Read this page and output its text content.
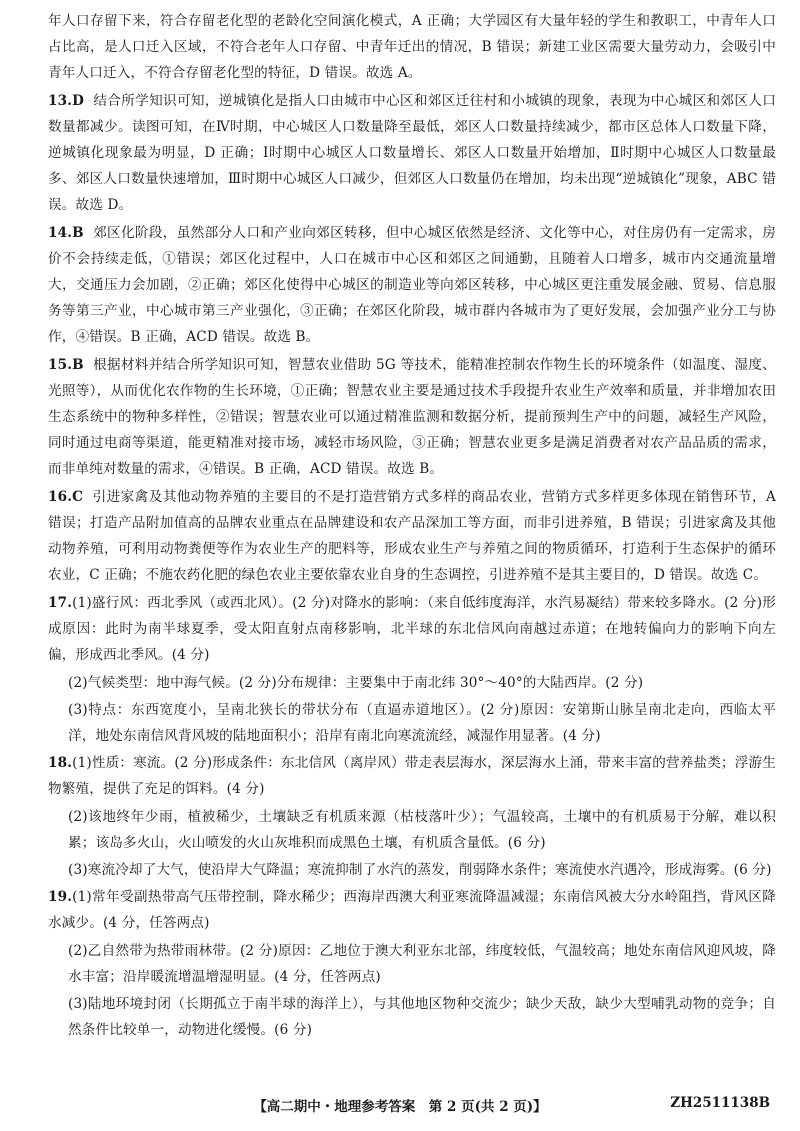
年人口存留下来，符合存留老化型的老龄化空间演化模式，A 正确；大学园区有大量年轻的学生和教职工，中青年人口占比高，是人口迁入区域，不符合老年人口存留、中青年迁出的情况，B 错误；新建工业区需要大量劳动力，会吸引中青年人口迁入，不符合存留老化型的特征，D 错误。故选 A。

13.D 结合所学知识可知，逆城镇化是指人口由城市中心区和郊区迁往村和小城镇的现象，表现为中心城区和郊区人口数量都减少。读图可知，在Ⅳ时期，中心城区人口数量降至最低，郊区人口数量持续减少，都市区总体人口数量下降，逆城镇化现象最为明显，D 正确；Ⅰ时期中心城区人口数量增长、郊区人口数量开始增加，Ⅱ时期中心城区人口数量最多、郊区人口数量快速增加，Ⅲ时期中心城区人口减少，但郊区人口数量仍在增加，均未出现“逆城镇化”现象，ABC 错误。故选 D。

14.B 郊区化阶段，虽然部分人口和产业向郊区转移，但中心城区依然是经济、文化等中心，对住房仍有一定需求，房价不会持续走低，①错误；郊区化过程中，人口在城市中心区和郊区之间通勤，且随着人口增多，城市内交通流量增大，交通压力会加剧，②正确；郊区化使得中心城区的制造业等向郊区转移，中心城区更注重发展金融、贸易、信息服务等第三产业，中心城市第三产业强化，③正确；在郊区化阶段，城市群内各城市为了更好发展，会加强产业分工与协作，④错误。B 正确，ACD 错误。故选 B。

15.B 根据材料并结合所学知识可知，智慧农业借助 5G 等技术，能精准控制农作物生长的环境条件（如温度、湿度、光照等），从而优化农作物的生长环境，①正确；智慧农业主要是通过技术手段提升农业生产效率和质量，并非增加农田生态系统中的物种多样性，②错误；智慧农业可以通过精准监测和数据分析，提前预判生产中的问题，减轻生产风险，同时通过电商等渠道，能更精准对接市场，减轻市场风险，③正确；智慧农业更多是满足消费者对农产品品质的需求，而非单纯对数量的需求，④错误。B 正确，ACD 错误。故选 B。

16.C 引进家禽及其他动物养殖的主要目的不是打造营销方式多样的商品农业，营销方式多样更多体现在销售环节，A 错误；打造产品附加值高的品牌农业重点在品牌建设和农产品深加工等方面，而非引进养殖，B 错误；引进家禽及其他动物养殖，可利用动物粪便等作为农业生产的肥料等，形成农业生产与养殖之间的物质循环，打造利于生态保护的循环农业，C 正确；不施农药化肥的绿色农业主要依靠农业自身的生态调控，引进养殖不是其主要目的，D 错误。故选 C。

17.(1)盛行风：西北季风（或西北风）。(2 分)对降水的影响：（来自低纬度海洋，水汽易凝结）带来较多降水。(2 分)形成原因：此时为南半球夏季，受太阳直射点南移影响，北半球的东北信风向南越过赤道；在地转偏向力的影响下向左偏，形成西北季风。(4 分)

(2)气候类型：地中海气候。(2 分)分布规律：主要集中于南北纬 30°～40°的大陆西岸。(2 分)

(3)特点：东西宽度小，呈南北狭长的带状分布（直逼赤道地区）。(2 分)原因：安第斯山脉呈南北走向，西临太平洋，地处东南信风背风坡的陆地面积小；沿岸有南北向寒流流经，减湿作用显著。(4 分)

18.(1)性质：寒流。(2 分)形成条件：东北信风（离岸风）带走表层海水，深层海水上涌，带来丰富的营养盐类；浮游生物繁殖，提供了充足的饵料。(4 分)

(2)该地终年少雨，植被稀少，土壤缺乏有机质来源（枯枝落叶少）；气温较高，土壤中的有机质易于分解，难以积累；该岛多火山，火山喷发的火山灰堆积而成黑色土壤，有机质含量低。(6 分)

(3)寒流冷却了大气，使沿岸大气降温；寒流抑制了水汽的蒸发，削弱降水条件；寒流使水汽遇冷，形成海雾。(6 分)

19.(1)常年受副热带高气压带控制，降水稀少；西海岸西澳大利亚寒流降温减湿；东南信风被大分水岭阻挡，背风区降水减少。(4 分，任答两点)

(2)乙自然带为热带雨林带。(2 分)原因：乙地位于澳大利亚东北部，纬度较低，气温较高；地处东南信风迎风坡，降水丰富；沿岸暖流增温增湿明显。(4 分，任答两点)

(3)陆地环境封闭（长期孤立于南半球的海洋上），与其他地区物种交流少；缺少天敌，缺少大型哺乳动物的竞争；自然条件比较单一，动物进化缓慢。(6 分)

【高二期中・地理参考答案　第 2 页(共 2 页)】	ZH2511138B
